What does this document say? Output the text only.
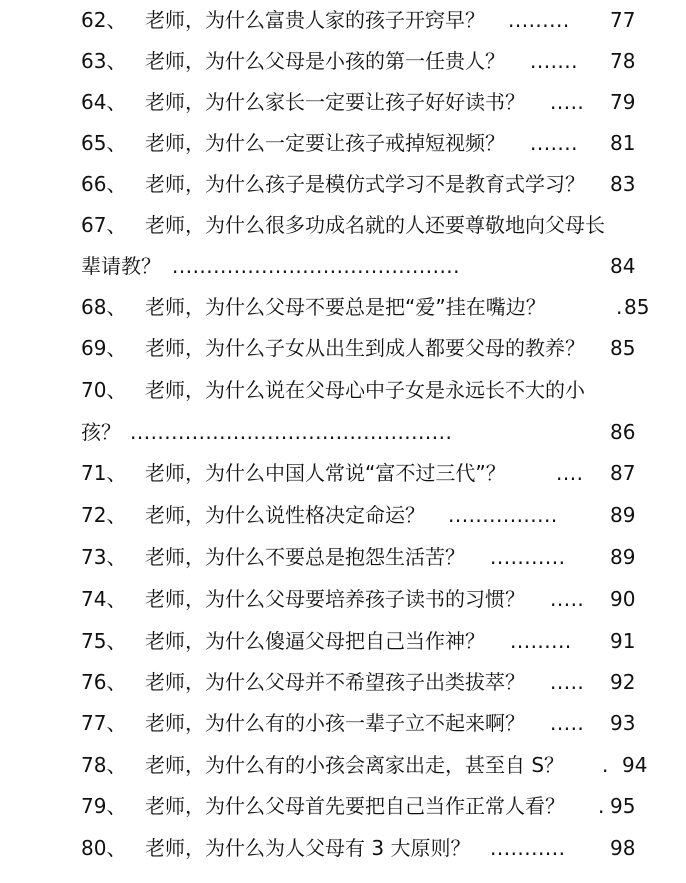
62、 老师，为什么富贵人家的孩子开窍早？ ......... 77
63、 老师，为什么父母是小孩的第一任贵人？ ....... 78
64、 老师，为什么家长一定要让孩子好好读书？ ..... 79
65、 老师，为什么一定要让孩子戒掉短视频？ ....... 81
66、 老师，为什么孩子是模仿式学习不是教育式学习？ 83
67、 老师，为什么很多功成名就的人还要尊敬地向父母长
辈请教？ ..........................................	84
68、 老师，为什么父母不要总是把“爱”挂在嘴边？	. 85
69、 老师，为什么子女从出生到成人都要父母的教养？ 85
70、 老师，为什么说在父母心中子女是永远长不大的小
孩？ ...............................................	86
71、 老师，为什么中国人常说“富不过三代”？	.... 87
72、 老师，为什么说性格决定命运？ ................	89
73、 老师，为什么不要总是抱怨生活苦？ ........... 89
74、 老师，为什么父母要培养孩子读书的习惯？ ..... 90
75、 老师，为什么傻逼父母把自己当作神？ ......... 91
76、 老师，为什么父母并不希望孩子出类拔萃？ ..... 92
77、 老师，为什么有的小孩一辈子立不起来啊？ ..... 93
78、 老师，为什么有的小孩会离家出走，甚至自 S？ . 94
79、 老师，为什么父母首先要把自己当作正常人看？ . 95
80、 老师，为什么为人父母有 3 大原则？ ........... 98
